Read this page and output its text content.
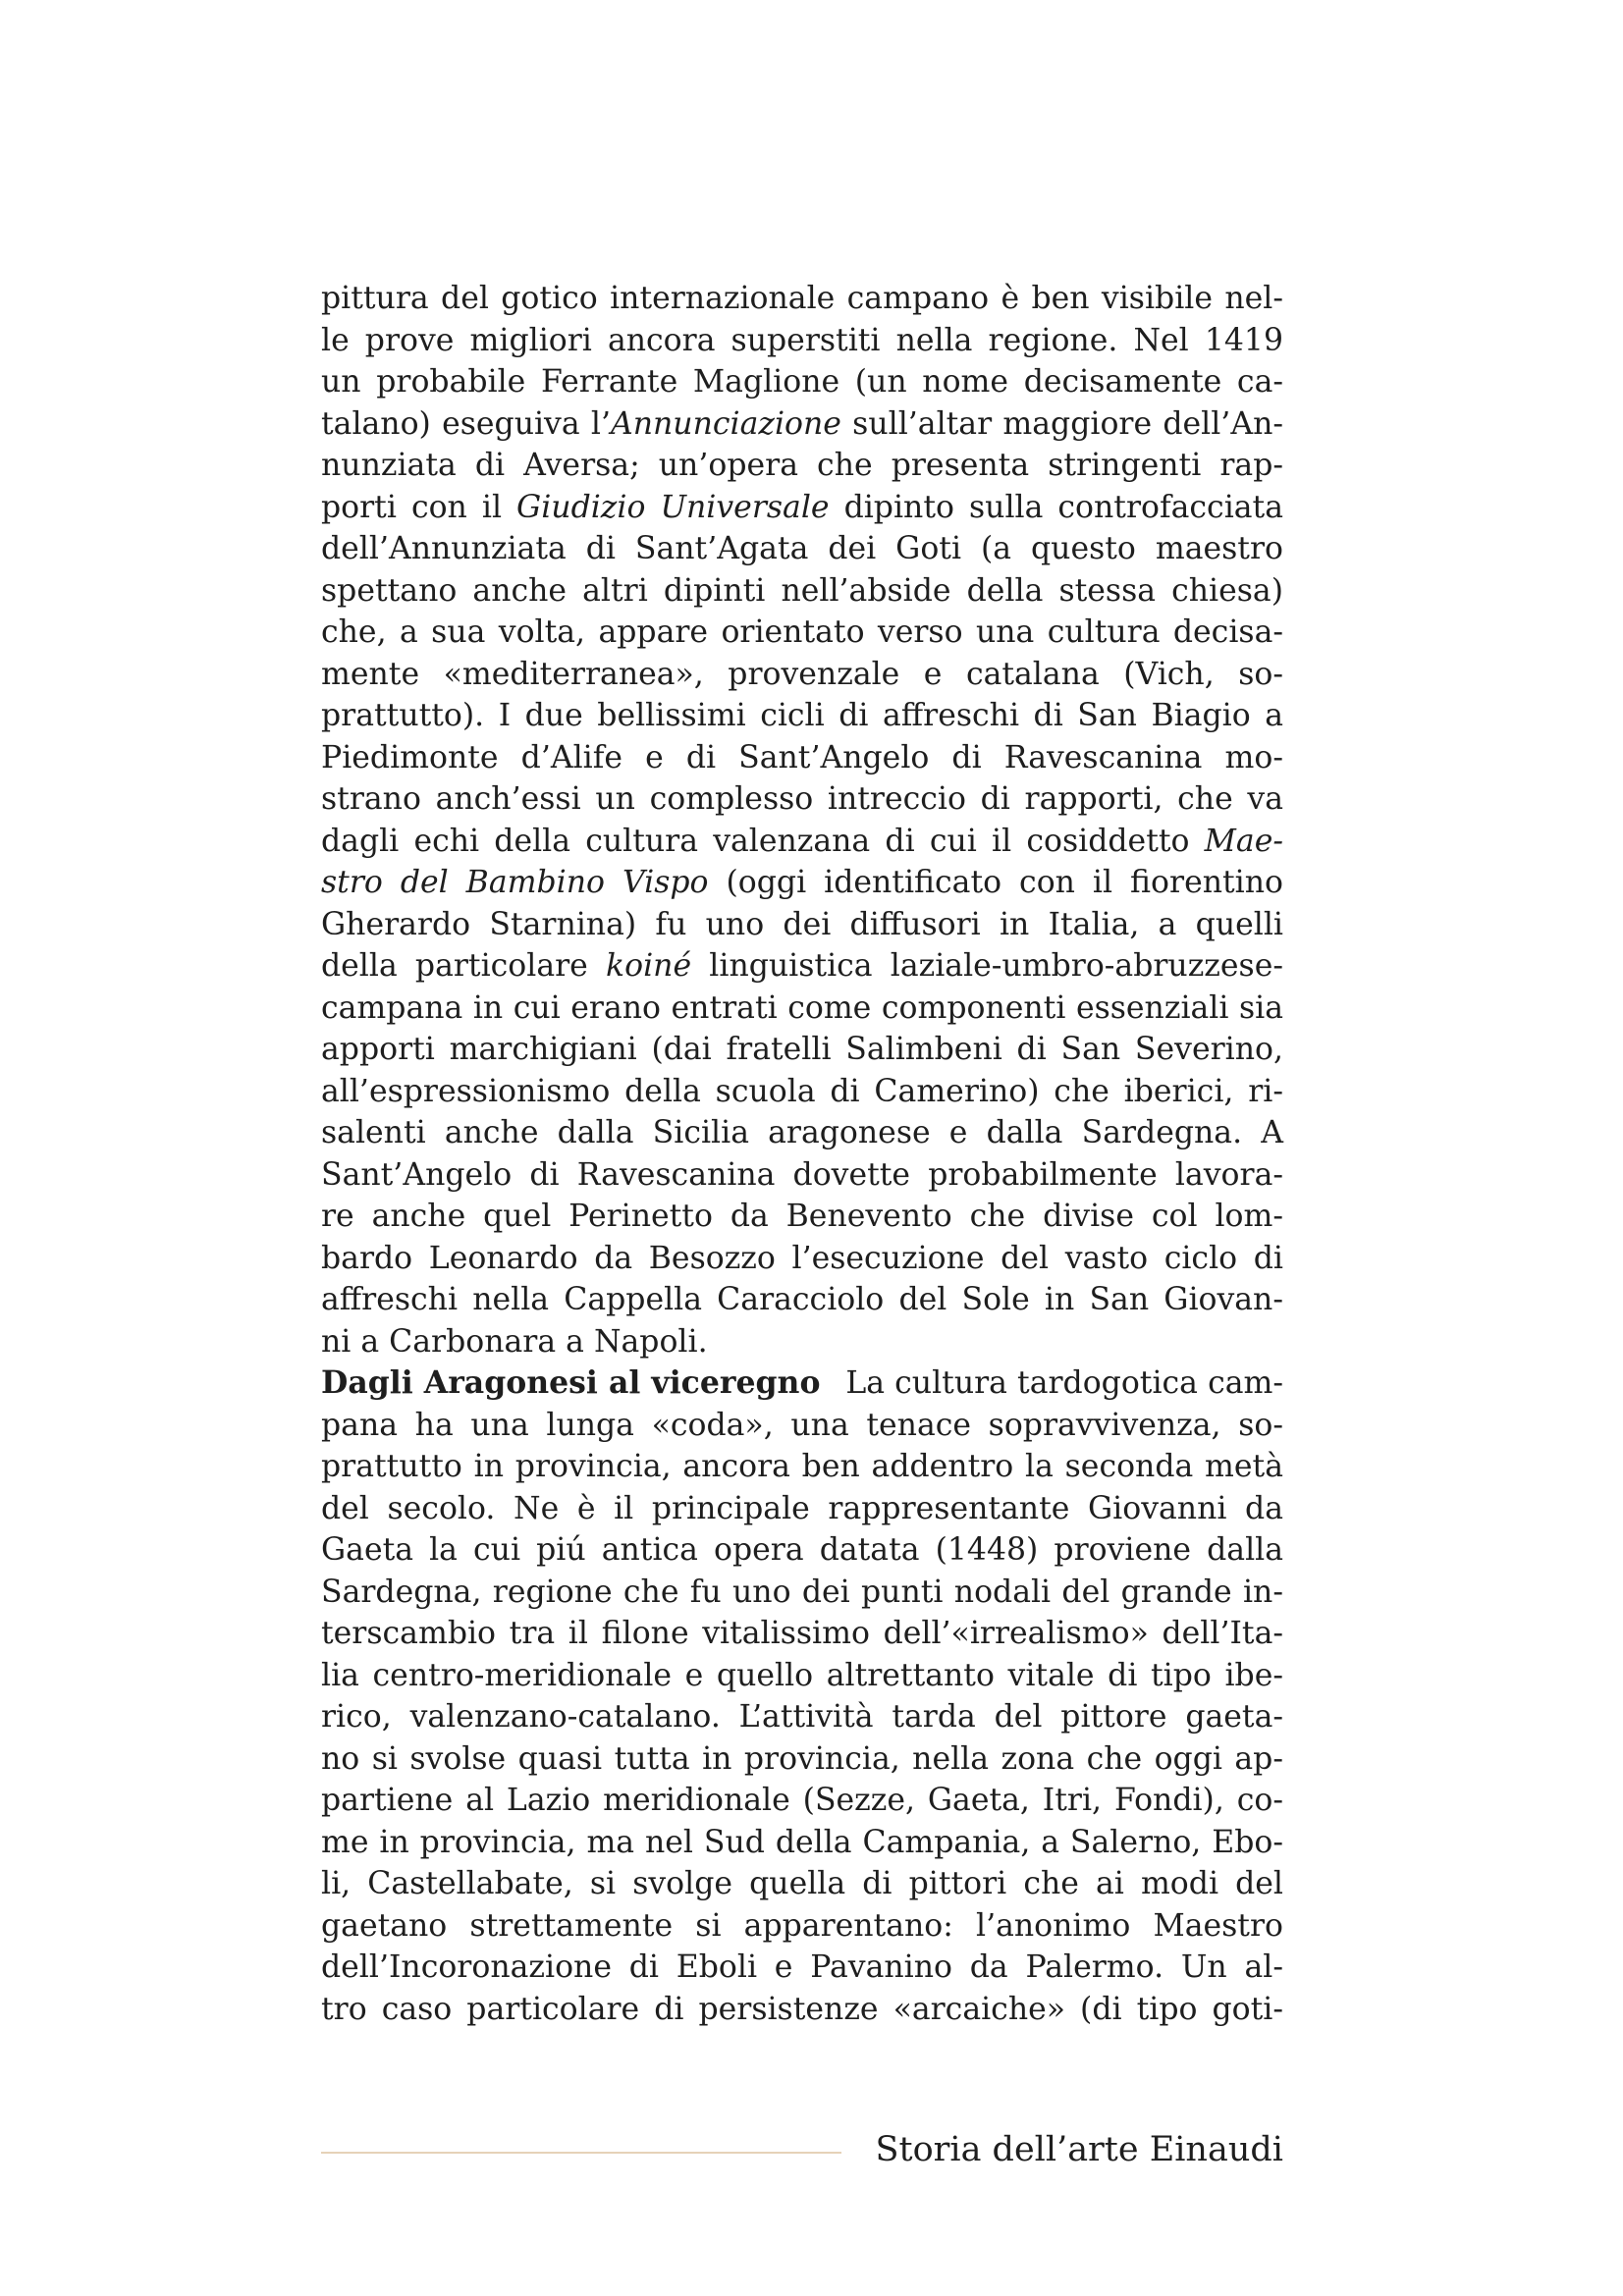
pittura del gotico internazionale campano è ben visibile nel-
le prove migliori ancora superstiti nella regione. Nel 1419
un probabile Ferrante Maglione (un nome decisamente ca-
talano) eseguiva l’Annunciazione sull’altar maggiore dell’An-
nunziata di Aversa; un’opera che presenta stringenti rap-
porti con il Giudizio Universale dipinto sulla controfacciata
dell’Annunziata di Sant’Agata dei Goti (a questo maestro
spettano anche altri dipinti nell’abside della stessa chiesa)
che, a sua volta, appare orientato verso una cultura decisa-
mente «mediterranea», provenzale e catalana (Vich, so-
prattutto). I due bellissimi cicli di affreschi di San Biagio a
Piedimonte d’Alife e di Sant’Angelo di Ravescanina mo-
strano anch’essi un complesso intreccio di rapporti, che va
dagli echi della cultura valenzana di cui il cosiddetto Mae-
stro del Bambino Vispo (oggi identificato con il fiorentino
Gherardo Starnina) fu uno dei diffusori in Italia, a quelli
della particolare koiné linguistica laziale-umbro-abruzzese-
campana in cui erano entrati come componenti essenziali sia
apporti marchigiani (dai fratelli Salimbeni di San Severino,
all’espressionismo della scuola di Camerino) che iberici, ri-
salenti anche dalla Sicilia aragonese e dalla Sardegna. A
Sant’Angelo di Ravescanina dovette probabilmente lavora-
re anche quel Perinetto da Benevento che divise col lom-
bardo Leonardo da Besozzo l’esecuzione del vasto ciclo di
affreschi nella Cappella Caracciolo del Sole in San Giovan-
ni a Carbonara a Napoli.
Dagli Aragonesi al viceregno  La cultura tardogotica cam-
pana ha una lunga «coda», una tenace sopravvivenza, so-
prattutto in provincia, ancora ben addentro la seconda metà
del secolo. Ne è il principale rappresentante Giovanni da
Gaeta la cui piú antica opera datata (1448) proviene dalla
Sardegna, regione che fu uno dei punti nodali del grande in-
terscambio tra il filone vitalissimo dell’«irrealismo» dell’Ita-
lia centro-meridionale e quello altrettanto vitale di tipo ibe-
rico, valenzano-catalano. L’attività tarda del pittore gaeta-
no si svolse quasi tutta in provincia, nella zona che oggi ap-
partiene al Lazio meridionale (Sezze, Gaeta, Itri, Fondi), co-
me in provincia, ma nel Sud della Campania, a Salerno, Ebo-
li, Castellabate, si svolge quella di pittori che ai modi del
gaetano strettamente si apparentano: l’anonimo Maestro
dell’Incoronazione di Eboli e Pavanino da Palermo. Un al-
tro caso particolare di persistenze «arcaiche» (di tipo goti-
Storia dell’arte Einaudi
